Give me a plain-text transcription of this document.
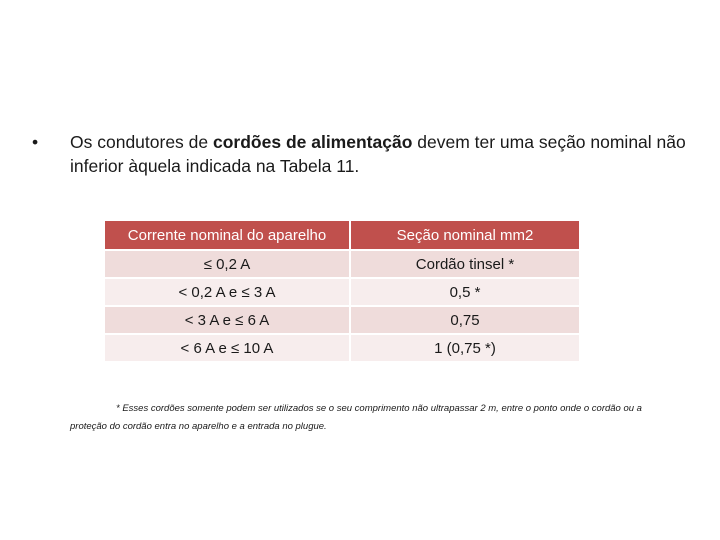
• Os condutores de cordões de alimentação devem ter uma seção nominal não inferior àquela indicada na Tabela 11.
Corrente nominal do aparelho	Seção nominal mm2
≤ 0,2 A	Cordão tinsel *
< 0,2 A e ≤ 3 A	0,5 *
< 3 A e ≤ 6 A	0,75
< 6 A e ≤ 10 A	1 (0,75 *)
* Esses cordões somente podem ser utilizados se o seu comprimento não ultrapassar 2 m, entre o ponto onde o cordão ou a proteção do cordão entra no aparelho e a entrada no plugue.
